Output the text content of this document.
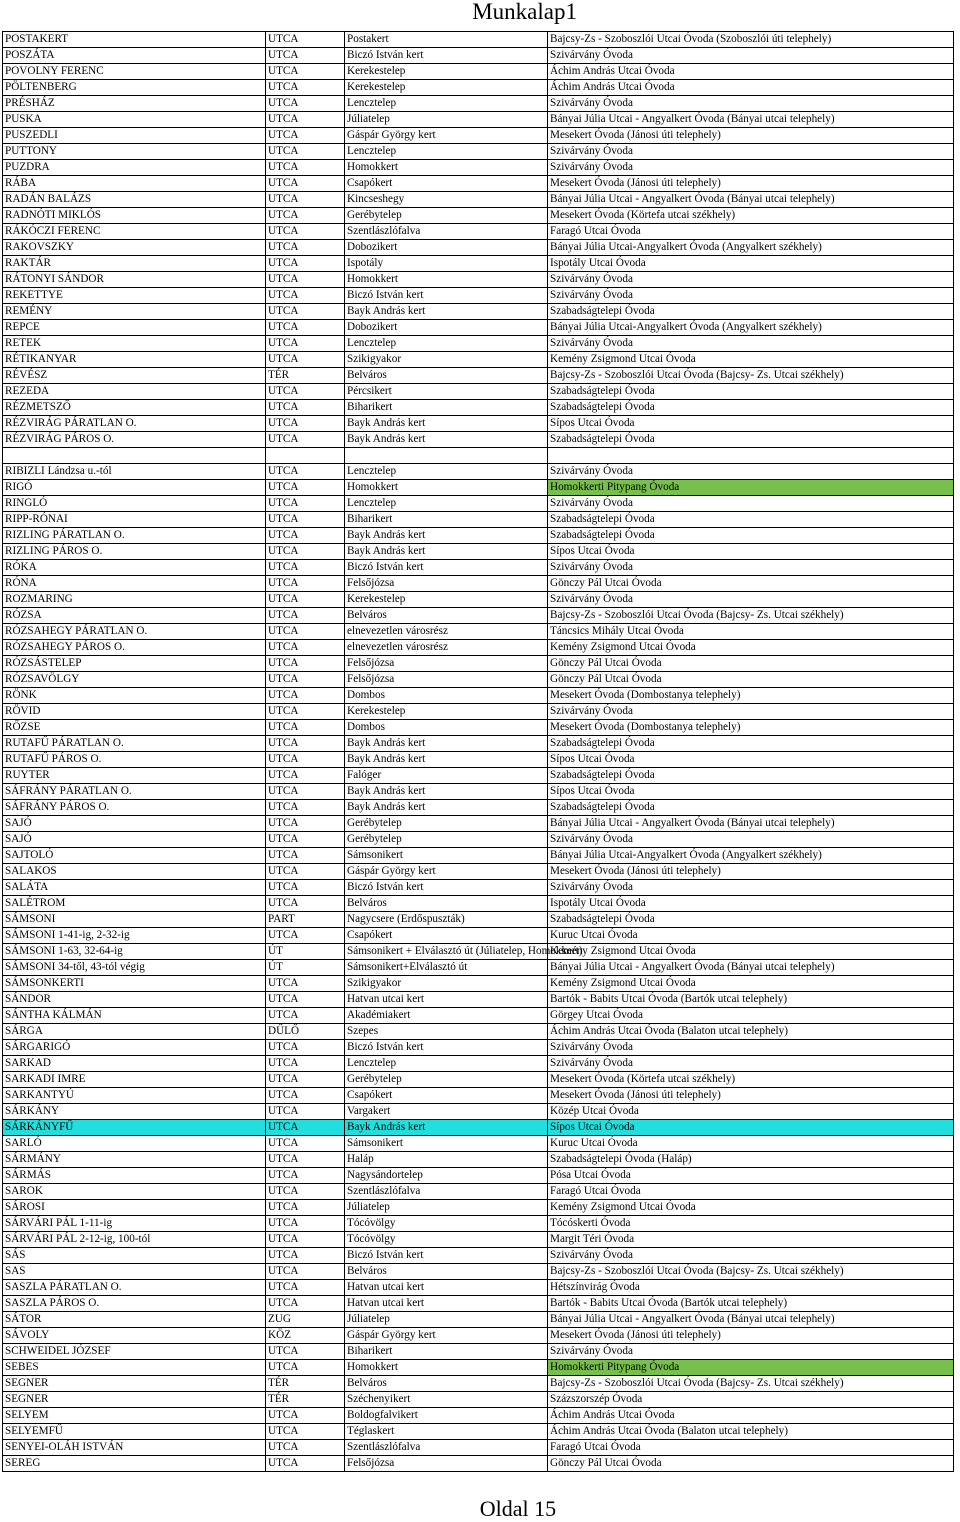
Munkalap1
POSTAKERT	UTCA	Postakert	Bajcsy-Zs - Szoboszlói Utcai Óvoda (Szoboszlói úti telephely)
POSZÁTA	UTCA	Biczó István kert	Szivárvány Óvoda
POVOLNY FERENC	UTCA	Kerekestelep	Áchim András Utcai Óvoda
PÖLTENBERG	UTCA	Kerekestelep	Áchim András Utcai Óvoda
PRÉSHÁZ	UTCA	Lencztelep	Szivárvány Óvoda
PUSKA	UTCA	Júliatelep	Bányai Júlia Utcai - Angyalkert Óvoda (Bányai utcai telephely)
PUSZEDLI	UTCA	Gáspár György kert	Mesekert Óvoda (Jánosi úti telephely)
PUTTONY	UTCA	Lencztelep	Szivárvány Óvoda
PUZDRA	UTCA	Homokkert	Szivárvány Óvoda
RÁBA	UTCA	Csapókert	Mesekert Óvoda (Jánosi úti telephely)
RADÁN BALÁZS	UTCA	Kincseshegy	Bányai Júlia Utcai - Angyalkert Óvoda (Bányai utcai telephely)
RADNÓTI MIKLÓS	UTCA	Gerébytelep	Mesekert Óvoda (Körtefa utcai székhely)
RÁKÓCZI FERENC	UTCA	Szentlászlófalva	Faragó Utcai Óvoda
RAKOVSZKY	UTCA	Dobozikert	Bányai Júlia Utcai-Angyalkert Óvoda (Angyalkert székhely)
RAKTÁR	UTCA	Ispotály	Ispotály Utcai Óvoda
RÁTONYI SÁNDOR	UTCA	Homokkert	Szivárvány Óvoda
REKETTYE	UTCA	Biczó István kert	Szivárvány Óvoda
REMÉNY	UTCA	Bayk András kert	Szabadságtelepi Óvoda
REPCE	UTCA	Dobozikert	Bányai Júlia Utcai-Angyalkert Óvoda (Angyalkert székhely)
RETEK	UTCA	Lencztelep	Szivárvány Óvoda
RÉTIKANYAR	UTCA	Szikigyakor	Kemény Zsigmond Utcai Óvoda
RÉVÉSZ	TÉR	Belváros	Bajcsy-Zs - Szoboszlói Utcai Óvoda (Bajcsy- Zs. Utcai székhely)
REZEDA	UTCA	Pércsikert	Szabadságtelepi Óvoda
RÉZMETSZŐ	UTCA	Biharikert	Szabadságtelepi Óvoda
RÉZVIRÁG PÁRATLAN O.	UTCA	Bayk András kert	Sípos Utcai Óvoda
RÉZVIRÁG PÁROS O.	UTCA	Bayk András kert	Szabadságtelepi Óvoda

RIBIZLI Lándzsa u.-tól	UTCA	Lencztelep	Szivárvány Óvoda
RIGÓ	UTCA	Homokkert	Homokkerti Pitypang Óvoda
RINGLÓ	UTCA	Lencztelep	Szivárvány Óvoda
RIPP-RÓNAI	UTCA	Biharikert	Szabadságtelepi Óvoda
RIZLING PÁRATLAN O.	UTCA	Bayk András kert	Szabadságtelepi Óvoda
RIZLING PÁROS O.	UTCA	Bayk András kert	Sípos Utcai Óvoda
RÓKA	UTCA	Biczó István kert	Szivárvány Óvoda
RÓNA	UTCA	Felsőjózsa	Gönczy Pál Utcai Óvoda
ROZMARING	UTCA	Kerekestelep	Szivárvány Óvoda
RÓZSA	UTCA	Belváros	Bajcsy-Zs - Szoboszlói Utcai Óvoda (Bajcsy- Zs. Utcai székhely)
RÓZSAHEGY PÁRATLAN O.	UTCA	elnevezetlen városrész	Táncsics Mihály Utcai Óvoda
RÓZSAHEGY PÁROS O.	UTCA	elnevezetlen városrész	Kemény Zsigmond Utcai Óvoda
RÓZSÁSTELEP	UTCA	Felsőjózsa	Gönczy Pál Utcai Óvoda
RÓZSAVÖLGY	UTCA	Felsőjózsa	Gönczy Pál Utcai Óvoda
RÖNK	UTCA	Dombos	Mesekert Óvoda (Dombostanya telephely)
RÖVID	UTCA	Kerekestelep	Szivárvány Óvoda
RŐZSE	UTCA	Dombos	Mesekert Óvoda (Dombostanya telephely)
RUTAFŰ PÁRATLAN O.	UTCA	Bayk András kert	Szabadságtelepi Óvoda
RUTAFŰ PÁROS O.	UTCA	Bayk András kert	Sípos Utcai Óvoda
RUYTER	UTCA	Falóger	Szabadságtelepi Óvoda
SÁFRÁNY PÁRATLAN O.	UTCA	Bayk András kert	Sípos Utcai Óvoda
SÁFRÁNY PÁROS O.	UTCA	Bayk András kert	Szabadságtelepi Óvoda
SAJÓ	UTCA	Gerébytelep	Bányai Júlia Utcai - Angyalkert Óvoda (Bányai utcai telephely)
SAJÓ	UTCA	Gerébytelep	Szivárvány Óvoda
SAJTOLÓ	UTCA	Sámsonikert	Bányai Júlia Utcai-Angyalkert Óvoda (Angyalkert székhely)
SALAKOS	UTCA	Gáspár György kert	Mesekert Óvoda (Jánosi úti telephely)
SALÁTA	UTCA	Biczó István kert	Szivárvány Óvoda
SALÉTROM	UTCA	Belváros	Ispotály Utcai Óvoda
SÁMSONI	PART	Nagycsere (Erdőspuszták)	Szabadságtelepi Óvoda
SÁMSONI 1-41-ig, 2-32-ig	UTCA	Csapókert	Kuruc Utcai Óvoda
SÁMSONI 1-63, 32-64-ig	ÚT	Sámsonikert + Elválasztó út (Júliatelep, Homokkert)	Kemény Zsigmond Utcai Óvoda
SÁMSONI 34-től, 43-tól végig	ÚT	Sámsonikert+Elválasztó út	Bányai Júlia Utcai - Angyalkert Óvoda (Bányai utcai telephely)
SÁMSONKERTI	UTCA	Szikigyakor	Kemény Zsigmond Utcai Óvoda
SÁNDOR	UTCA	Hatvan utcai kert	Bartók - Babits Utcai Óvoda (Bartók utcai telephely)
SÁNTHA KÁLMÁN	UTCA	Akadémiakert	Görgey Utcai Óvoda
SÁRGA	DŰLŐ	Szepes	Áchim András Utcai Óvoda (Balaton utcai telephely)
SÁRGARIGÓ	UTCA	Biczó István kert	Szivárvány Óvoda
SARKAD	UTCA	Lencztelep	Szivárvány Óvoda
SARKADI IMRE	UTCA	Gerébytelep	Mesekert Óvoda (Körtefa utcai székhely)
SARKANTYÚ	UTCA	Csapókert	Mesekert Óvoda (Jánosi úti telephely)
SÁRKÁNY	UTCA	Vargakert	Közép Utcai Óvoda
SÁRKÁNYFŰ	UTCA	Bayk András kert	Sípos Utcai Óvoda
SARLÓ	UTCA	Sámsonikert	Kuruc Utcai Óvoda
SÁRMÁNY	UTCA	Haláp	Szabadságtelepi Óvoda (Haláp)
SÁRMÁS	UTCA	Nagysándortelep	Pósa Utcai Óvoda
SAROK	UTCA	Szentlászlófalva	Faragó Utcai Óvoda
SÁROSI	UTCA	Júliatelep	Kemény Zsigmond Utcai Óvoda
SÁRVÁRI PÁL 1-11-ig	UTCA	Tócóvölgy	Tócóskerti Óvoda
SÁRVÁRI PÁL 2-12-ig, 100-tól	UTCA	Tócóvölgy	Margit Téri Óvoda
SÁS	UTCA	Biczó István kert	Szivárvány Óvoda
SAS	UTCA	Belváros	Bajcsy-Zs - Szoboszlói Utcai Óvoda (Bajcsy- Zs. Utcai székhely)
SASZLA PÁRATLAN O.	UTCA	Hatvan utcai kert	Hétszínvirág Óvoda
SASZLA PÁROS O.	UTCA	Hatvan utcai kert	Bartók - Babits Utcai Óvoda (Bartók utcai telephely)
SÁTOR	ZUG	Júliatelep	Bányai Júlia Utcai - Angyalkert Óvoda (Bányai utcai telephely)
SÁVOLY	KÖZ	Gáspár György kert	Mesekert Óvoda (Jánosi úti telephely)
SCHWEIDEL JÓZSEF	UTCA	Biharikert	Szivárvány Óvoda
SEBES	UTCA	Homokkert	Homokkerti Pitypang Óvoda
SEGNER	TÉR	Belváros	Bajcsy-Zs - Szoboszlói Utcai Óvoda (Bajcsy- Zs. Utcai székhely)
SEGNER	TÉR	Széchenyikert	Százszorszép Óvoda
SELYEM	UTCA	Boldogfalvikert	Áchim András Utcai Óvoda
SELYEMFŰ	UTCA	Téglaskert	Áchim András Utcai Óvoda (Balaton utcai telephely)
SENYEI-OLÁH ISTVÁN	UTCA	Szentlászlófalva	Faragó Utcai Óvoda
SEREG	UTCA	Felsőjózsa	Gönczy Pál Utcai Óvoda
Oldal 15
